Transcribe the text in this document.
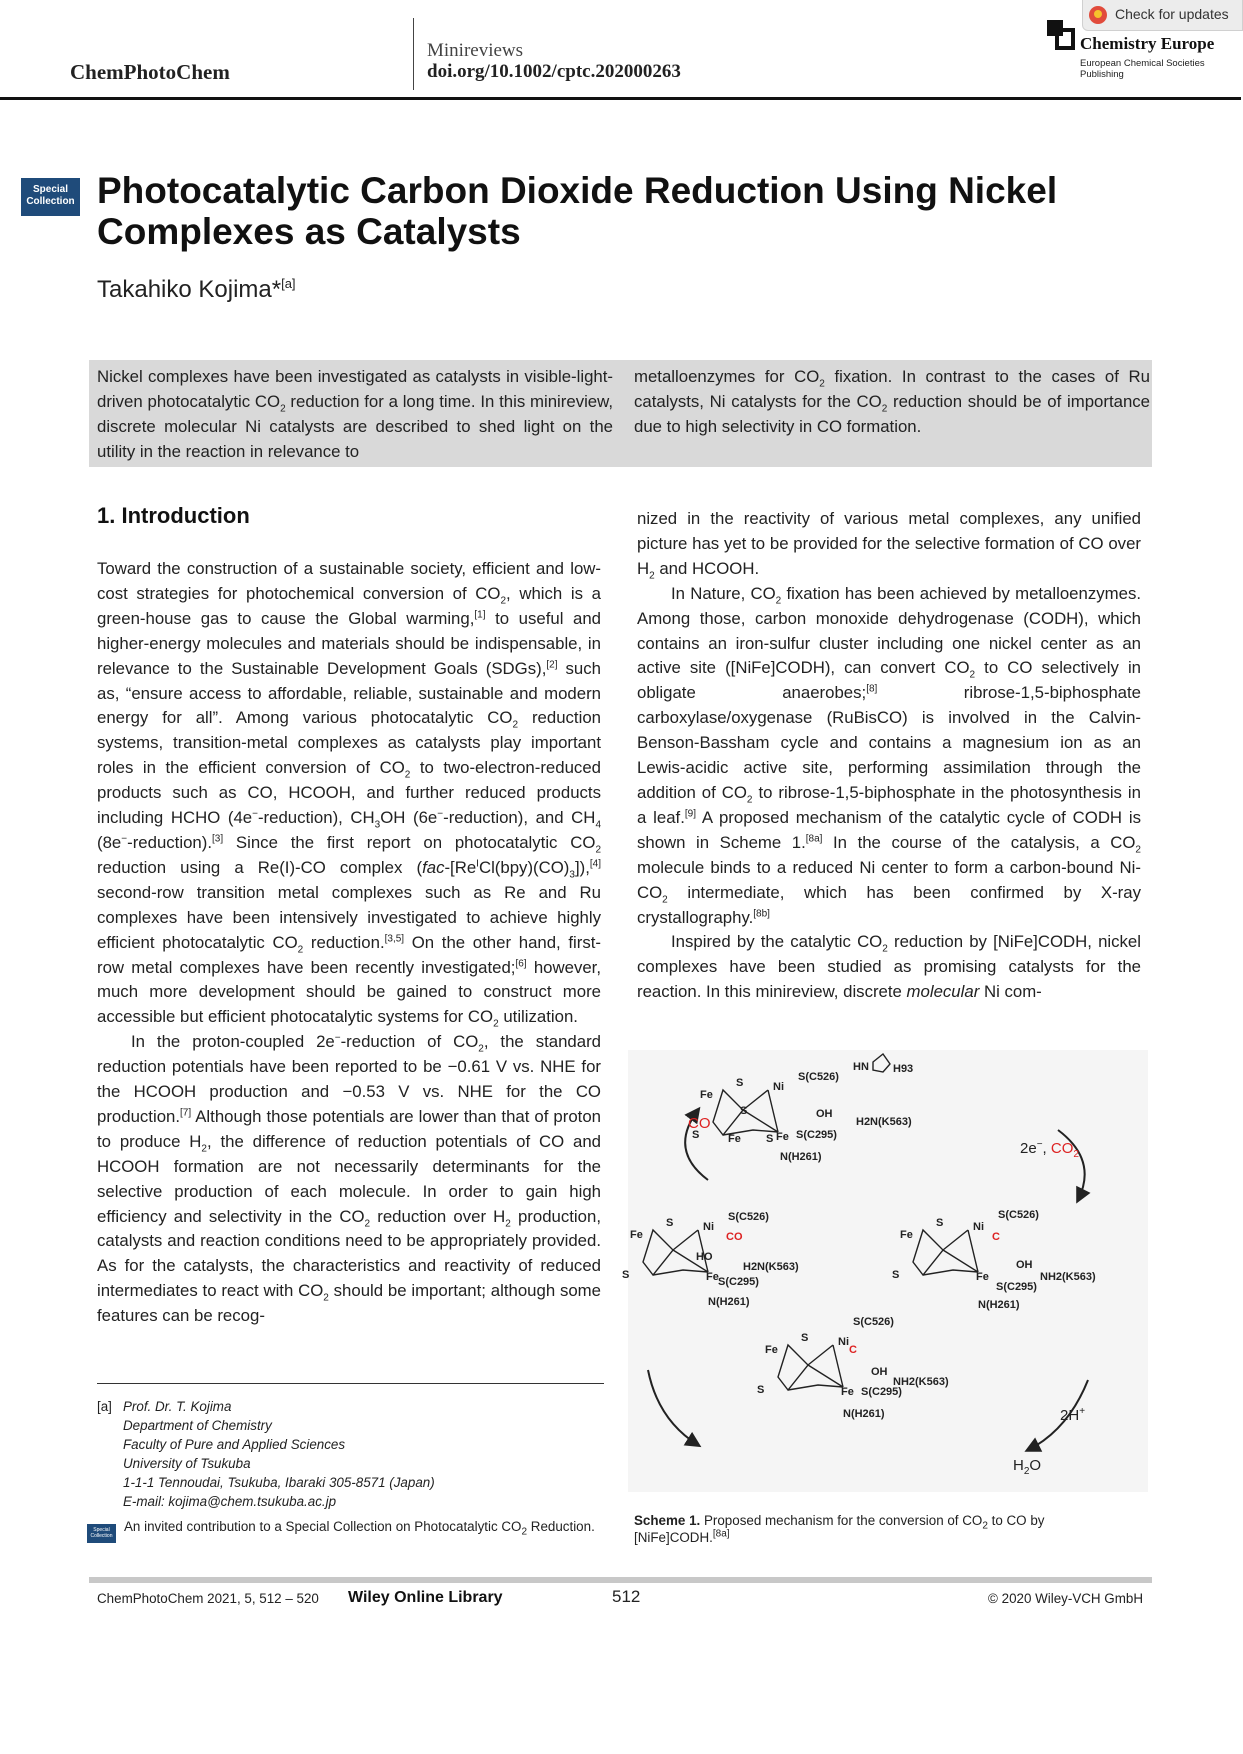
ChemPhotoChem
Minireviews
doi.org/10.1002/cptc.202000263
Chemistry Europe
European Chemical Societies Publishing
Check for updates
Special Collection Photocatalytic Carbon Dioxide Reduction Using Nickel Complexes as Catalysts
Takahiko Kojima*[a]
Nickel complexes have been investigated as catalysts in visible-light-driven photocatalytic $CO_2$ reduction for a long time. In this minireview, discrete molecular Ni catalysts are described to shed light on the utility in the reaction in relevance to
metalloenzymes for $CO_2$ fixation. In contrast to the cases of Ru catalysts, Ni catalysts for the $CO_2$ reduction should be of importance due to high selectivity in CO formation.
1. Introduction

Toward the construction of a sustainable society, efficient and low-cost strategies for photochemical conversion of $CO_2$, which is a green-house gas to cause the Global warming,[1] to useful and higher-energy molecules and materials should be indispensable, in relevance to the Sustainable Development Goals (SDGs),[2] such as, “ensure access to affordable, reliable, sustainable and modern energy for all”. Among various photocatalytic $CO_2$ reduction systems, transition-metal complexes as catalysts play important roles in the efficient conversion of $CO_2$ to two-electron-reduced products such as CO, HCOOH, and further reduced products including HCHO (4e−-reduction), $CH_3OH$ (6e−-reduction), and $CH_4$ (8e−-reduction).[3] Since the first report on photocatalytic $CO_2$ reduction using a Re(I)-CO complex $(fac-[Re^ICl(bpy)(CO)_3]),[4]$ second-row transition metal complexes such as Re and Ru complexes have been intensively investigated to achieve highly efficient photocatalytic $CO_2$ reduction.[3,5] On the other hand, first-row metal complexes have been recently investigated;[6] however, much more development should be gained to construct more accessible but efficient photocatalytic systems for $CO_2$ utilization.

In the proton-coupled 2e−-reduction of $CO_2$, the standard reduction potentials have been reported to be −0.61 V vs. NHE for the HCOOH production and −0.53 V vs. NHE for the CO production.[7] Although those potentials are lower than that of proton to produce $H_2$, the difference of reduction potentials of CO and HCOOH formation are not necessarily determinants for the selective production of each molecule. In order to gain high efficiency and selectivity in the $CO_2$ reduction over $H_2$ production, catalysts and reaction conditions need to be appropriately provided. As for the catalysts, the characteristics and reactivity of reduced intermediates to react with $CO_2$ should be important; although some features can be recog-

nized in the reactivity of various metal complexes, any unified picture has yet to be provided for the selective formation of CO over $H_2$ and HCOOH.

In Nature, $CO_2$ fixation has been achieved by metalloenzymes. Among those, carbon monoxide dehydrogenase (CODH), which contains an iron-sulfur cluster including one nickel center as an active site ([NiFe]CODH), can convert $CO_2$ to CO selectively in obligate anaerobes;[8] ribrose-1,5-biphosphate carboxylase/oxygenase (RuBisCO) is involved in the Calvin-Benson-Bassham cycle and contains a magnesium ion as an Lewis-acidic active site, performing assimilation through the addition of $CO_2$ to ribrose-1,5-biphosphate in the photosynthesis in a leaf.[9] A proposed mechanism of the catalytic cycle of CODH is shown in Scheme 1.[8a] In the course of the catalysis, a $CO_2$ molecule binds to a reduced Ni center to form a carbon-bound $Ni-CO_2$ intermediate, which has been confirmed by X-ray crystallography.[8b]

Inspired by the catalytic $CO_2$ reduction by [NiFe]CODH, nickel complexes have been studied as promising catalysts for the reaction. In this minireview, discrete molecular Ni com-

S
Fe
Ni
S
S	Fe S Fe
S(C526)
OH
H2N(K563)
S(C295)
N(H261)
HN H93
S
Fe
Ni
S	Fe
S(C526)
CO
HO
H2N(K563)
S(C295)
N(H261)
S
Fe
Ni
S	Fe
S(C526)
C
OH
NH2(K563)
S(C295)
N(H261)
S
Fe
Ni
S	Fe
S(C526)
C
OH
NH2(K563)
S(C295)
N(H261)
CO
2e−, $CO_2$
2H+
$H_2O$
Scheme 1. Proposed mechanism for the conversion of $CO_2$ to CO by [NiFe]CODH.[8a]
[a] Prof. Dr. T. Kojima
Department of Chemistry
Faculty of Pure and Applied Sciences
University of Tsukuba
1-1-1 Tennoudai, Tsukuba, Ibaraki 305-8571 (Japan)
E-mail: kojima@chem.tsukuba.ac.jp
Special Collection
An invited contribution to a Special Collection on Photocatalytic $CO_2$ Reduction.
ChemPhotoChem 2021, 5, 512 – 520 Wiley Online Library	512	© 2020 Wiley-VCH GmbH
